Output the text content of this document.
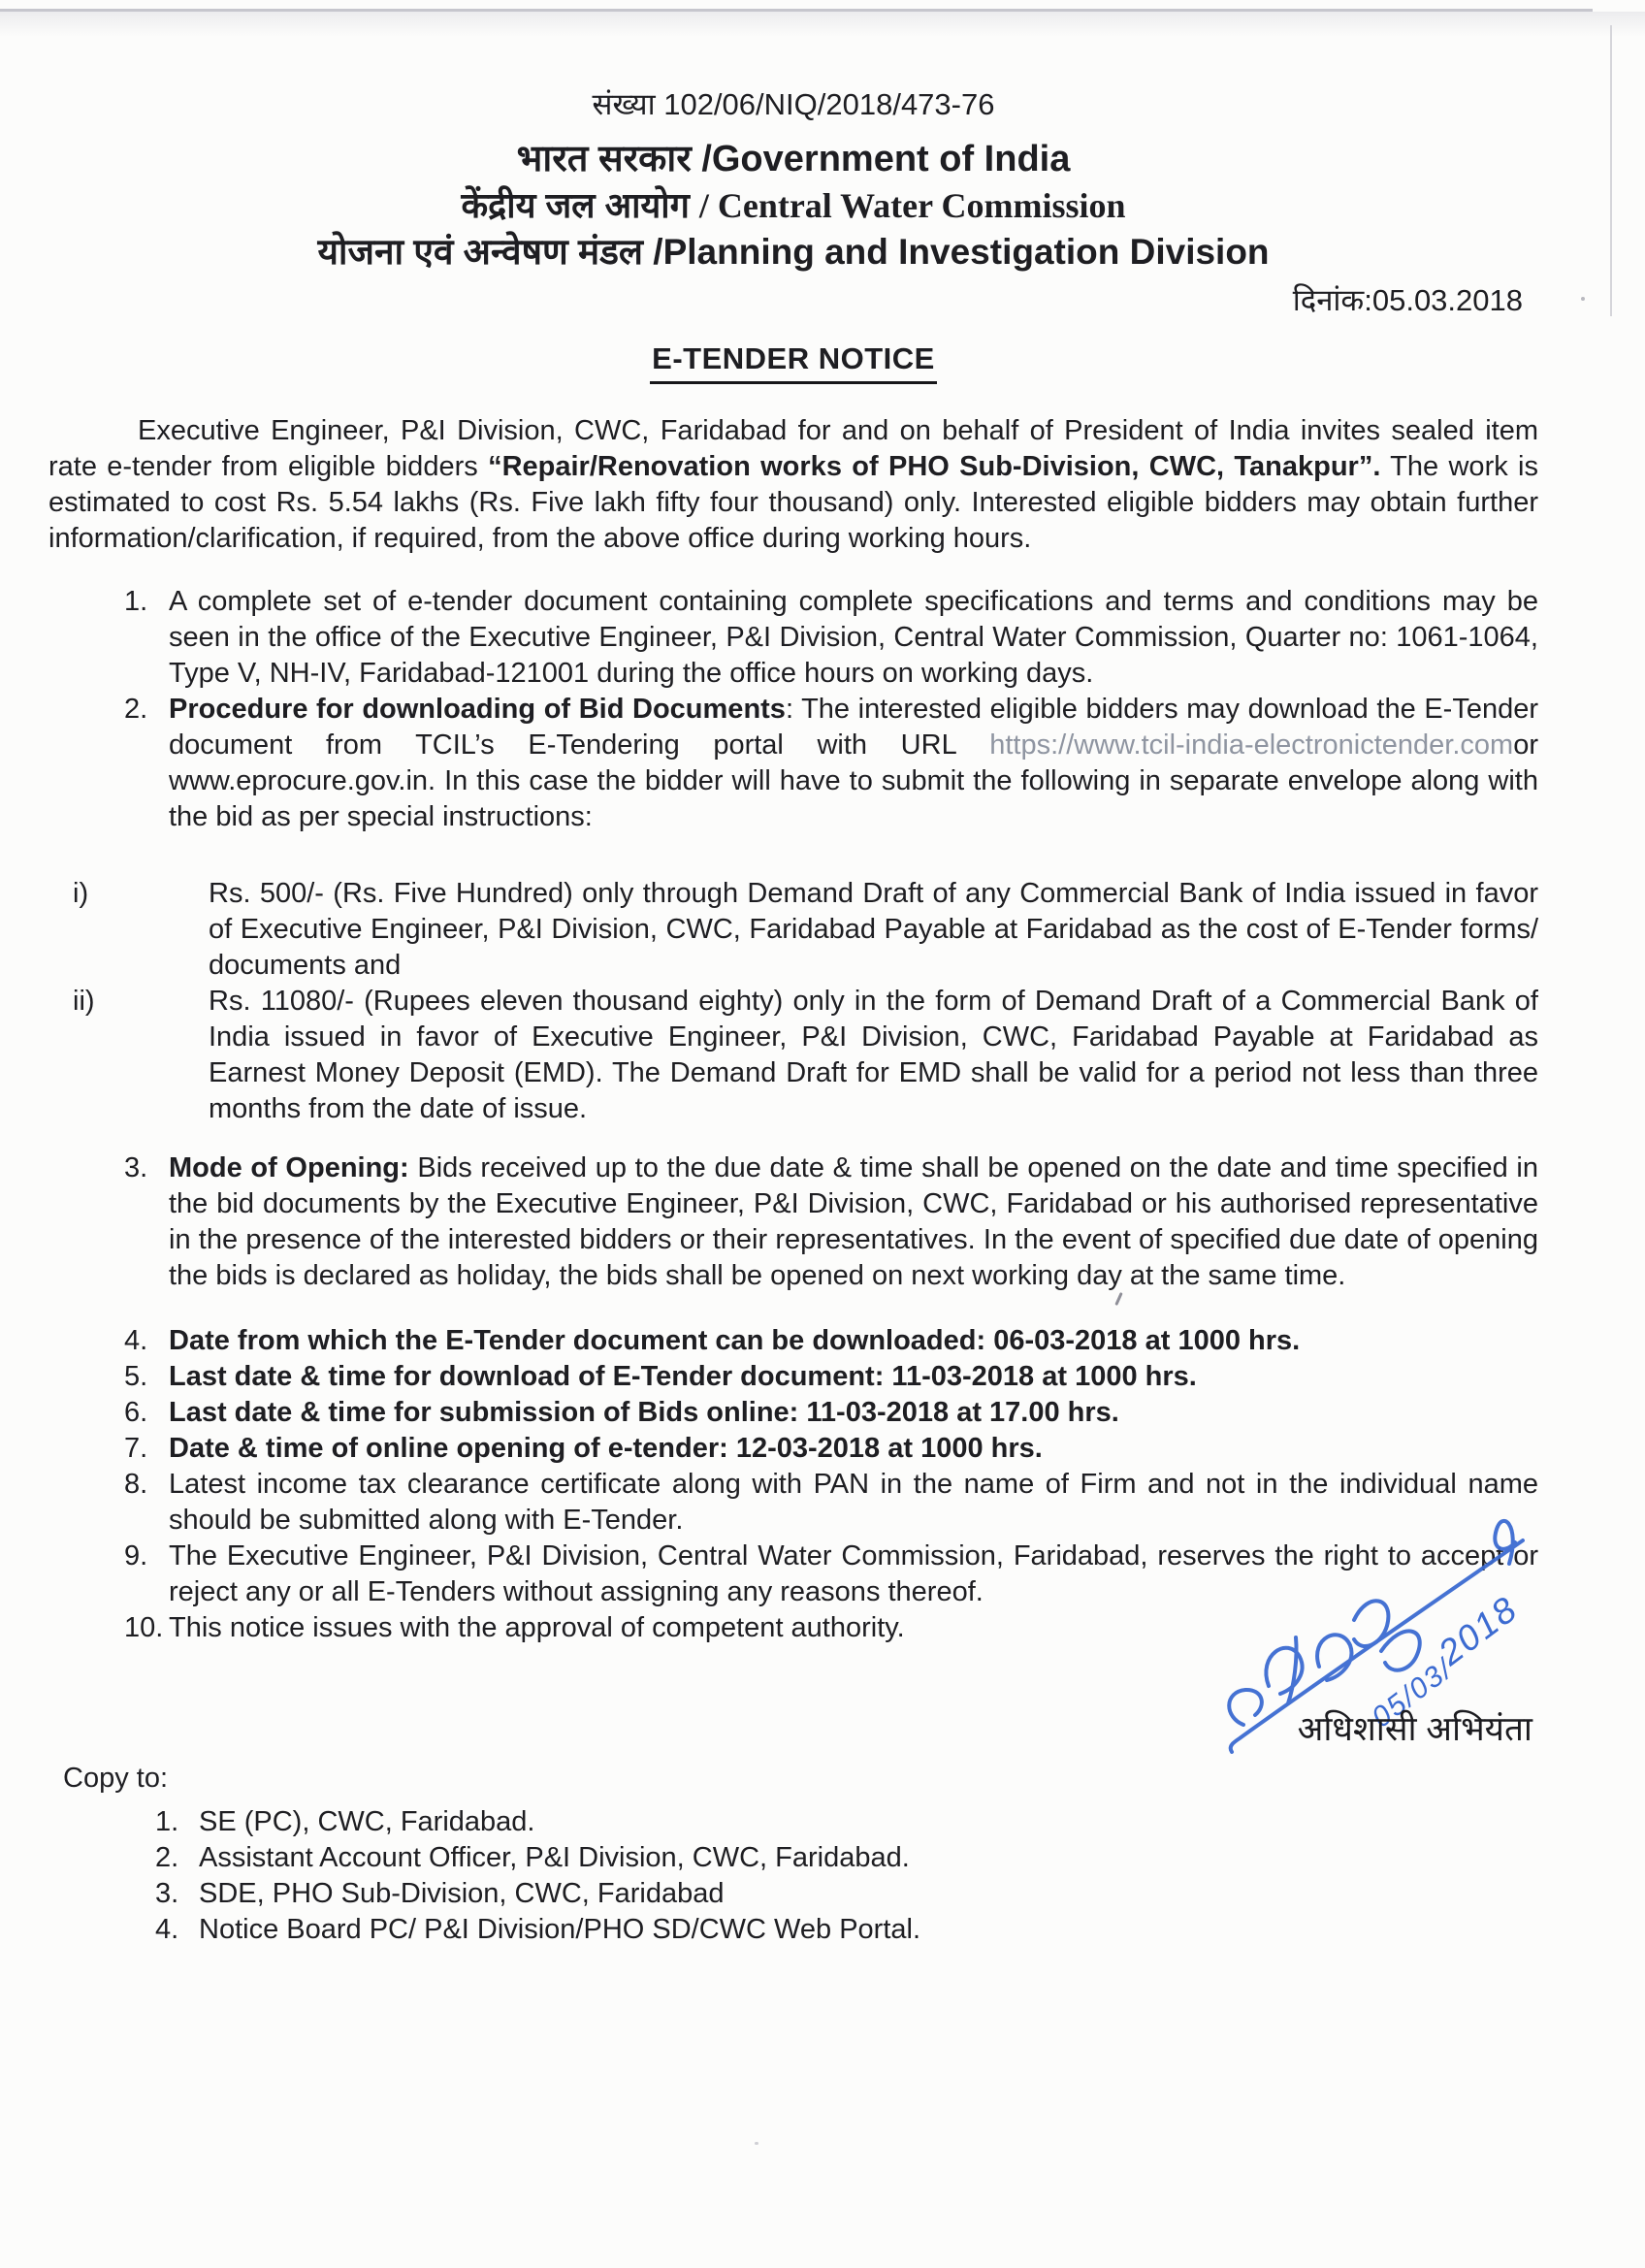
संख्या 102/06/NIQ/2018/473-76
भारत सरकार /Government of India
केंद्रीय जल आयोग / Central Water Commission
योजना एवं अन्वेषण मंडल /Planning and Investigation Division
दिनांक:05.03.2018
E-TENDER NOTICE
Executive Engineer, P&I Division, CWC, Faridabad for and on behalf of President of India invites sealed item rate e-tender from eligible bidders “Repair/Renovation works of PHO Sub-Division, CWC, Tanakpur”. The work is estimated to cost Rs. 5.54 lakhs (Rs. Five lakh fifty four thousand) only. Interested eligible bidders may obtain further information/clarification, if required, from the above office during working hours.
1. A complete set of e-tender document containing complete specifications and terms and conditions may be seen in the office of the Executive Engineer, P&I Division, Central Water Commission, Quarter no: 1061-1064, Type V, NH-IV, Faridabad-121001 during the office hours on working days.
2. Procedure for downloading of Bid Documents: The interested eligible bidders may download the E-Tender document from TCIL’s E-Tendering portal with URL https://www.tcil-india-electronictender.comor www.eprocure.gov.in. In this case the bidder will have to submit the following in separate envelope along with the bid as per special instructions:
i)	Rs. 500/- (Rs. Five Hundred) only through Demand Draft of any Commercial Bank of India issued in favor of Executive Engineer, P&I Division, CWC, Faridabad Payable at Faridabad as the cost of E-Tender forms/ documents and
ii)	Rs. 11080/- (Rupees eleven thousand eighty) only in the form of Demand Draft of a Commercial Bank of India issued in favor of Executive Engineer, P&I Division, CWC, Faridabad Payable at Faridabad as Earnest Money Deposit (EMD). The Demand Draft for EMD shall be valid for a period not less than three months from the date of issue.
3. Mode of Opening: Bids received up to the due date & time shall be opened on the date and time specified in the bid documents by the Executive Engineer, P&I Division, CWC, Faridabad or his authorised representative in the presence of the interested bidders or their representatives. In the event of specified due date of opening the bids is declared as holiday, the bids shall be opened on next working day at the same time.
4. Date from which the E-Tender document can be downloaded: 06-03-2018 at 1000 hrs.
5. Last date & time for download of E-Tender document: 11-03-2018 at 1000 hrs.
6. Last date & time for submission of Bids online: 11-03-2018 at 17.00 hrs.
7. Date & time of online opening of e-tender: 12-03-2018 at 1000 hrs.
8. Latest income tax clearance certificate along with PAN in the name of Firm and not in the individual name should be submitted along with E-Tender.
9. The Executive Engineer, P&I Division, Central Water Commission, Faridabad, reserves the right to accept or reject any or all E-Tenders without assigning any reasons thereof.
10. This notice issues with the approval of competent authority.
Copy to:
1. SE (PC), CWC, Faridabad.
2. Assistant Account Officer, P&I Division, CWC, Faridabad.
3. SDE, PHO Sub-Division, CWC, Faridabad
4. Notice Board PC/ P&I Division/PHO SD/CWC Web Portal.
05/03/2018
अधिशासी अभियंता
